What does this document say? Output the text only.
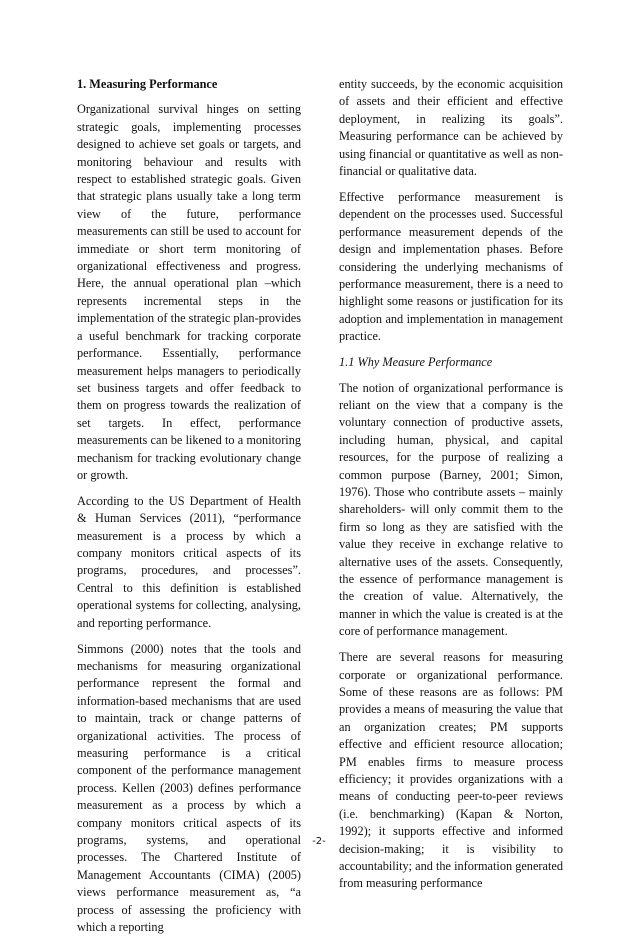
1. Measuring Performance

Organizational survival hinges on setting strategic goals, implementing processes designed to achieve set goals or targets, and monitoring behaviour and results with respect to established strategic goals. Given that strategic plans usually take a long term view of the future, performance measurements can still be used to account for immediate or short term monitoring of organizational effectiveness and progress. Here, the annual operational plan –which represents incremental steps in the implementation of the strategic plan-provides a useful benchmark for tracking corporate performance. Essentially, performance measurement helps managers to periodically set business targets and offer feedback to them on progress towards the realization of set targets. In effect, performance measurements can be likened to a monitoring mechanism for tracking evolutionary change or growth.

According to the US Department of Health & Human Services (2011), “performance measurement is a process by which a company monitors critical aspects of its programs, procedures, and processes”. Central to this definition is established operational systems for collecting, analysing, and reporting performance.

Simmons (2000) notes that the tools and mechanisms for measuring organizational performance represent the formal and information-based mechanisms that are used to maintain, track or change patterns of organizational activities. The process of measuring performance is a critical component of the performance management process. Kellen (2003) defines performance measurement as a process by which a company monitors critical aspects of its programs, systems, and operational processes. The Chartered Institute of Management Accountants (CIMA) (2005) views performance measurement as, “a process of assessing the proficiency with which a reporting

entity succeeds, by the economic acquisition of assets and their efficient and effective deployment, in realizing its goals”. Measuring performance can be achieved by using financial or quantitative as well as non-financial or qualitative data.

Effective performance measurement is dependent on the processes used. Successful performance measurement depends of the design and implementation phases. Before considering the underlying mechanisms of performance measurement, there is a need to highlight some reasons or justification for its adoption and implementation in management practice.

1.1 Why Measure Performance

The notion of organizational performance is reliant on the view that a company is the voluntary connection of productive assets, including human, physical, and capital resources, for the purpose of realizing a common purpose (Barney, 2001; Simon, 1976). Those who contribute assets – mainly shareholders- will only commit them to the firm so long as they are satisfied with the value they receive in exchange relative to alternative uses of the assets. Consequently, the essence of performance management is the creation of value. Alternatively, the manner in which the value is created is at the core of performance management.

There are several reasons for measuring corporate or organizational performance. Some of these reasons are as follows: PM provides a means of measuring the value that an organization creates; PM supports effective and efficient resource allocation; PM enables firms to measure process efficiency; it provides organizations with a means of conducting peer-to-peer reviews (i.e. benchmarking) (Kapan & Norton, 1992); it supports effective and informed decision-making; it is visibility to accountability; and the information generated from measuring performance

-2-
